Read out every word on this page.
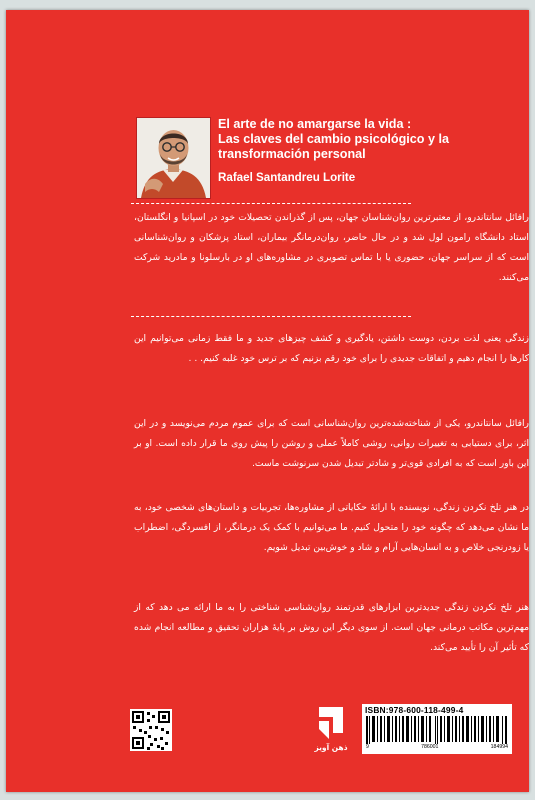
El arte de no amargarse la vida :

Las claves del cambio psicológico y la

transformación personal

Rafael Santandreu Lorite

رافائل سانتاندرو، از معتبرترین روان‌شناسان جهان، پس از گذراندن تحصیلات خود در اسپانیا و انگلستان، استاد دانشگاه رامون لول شد و در حال حاضر، روان‌درمانگر بیماران، استاد پزشکان و روان‌شناسانی است که از سراسر جهان، حضوری یا با تماس تصویری در مشاوره‌های او در بارسلونا و مادرید شرکت می‌کنند.

زندگی یعنی لذت بردن، دوست داشتن، یادگیری و کشف چیزهای جدید و ما فقط زمانی می‌توانیم این کارها را انجام دهیم و اتفاقات جدیدی را برای خود رقم بزنیم که بر ترس خود غلبه کنیم. . .

رافائل سانتاندرو، یکی از شناخته‌شده‌ترین روان‌شناسانی است که برای عموم مردم می‌نویسد و در این اثر، برای دستیابی به تغییرات روانی، روشی کاملاً عملی و روشن را پیش روی ما قرار داده است. او بر این باور است که به افرادی قوی‌تر و شادتر تبدیل شدن سرنوشت ماست.

در هنر تلخ نکردن زندگی، نویسنده با ارائهٔ حکایاتی از مشاوره‌ها، تجربیات و داستان‌های شخصی خود، به ما نشان می‌دهد که چگونه خود را متحول کنیم. ما می‌توانیم با کمک یک درمانگر، از افسردگی، اضطراب یا زودرنجی خلاص و به انسان‌هایی آرام و شاد و خوش‌بین تبدیل شویم.

هنر تلخ نکردن زندگی جدیدترین ابزارهای قدرتمند روان‌شناسی شناختی را به ما ارائه می دهد که از مهم‌ترین مکاتب درمانی جهان است. از سوی دیگر این روش بر پایهٔ هزاران تحقیق و مطالعه انجام شده که تأثیر آن را تأیید می‌کند.

ذهن آویز
ISBN:978-600-118-499-4
9	786001	184994
